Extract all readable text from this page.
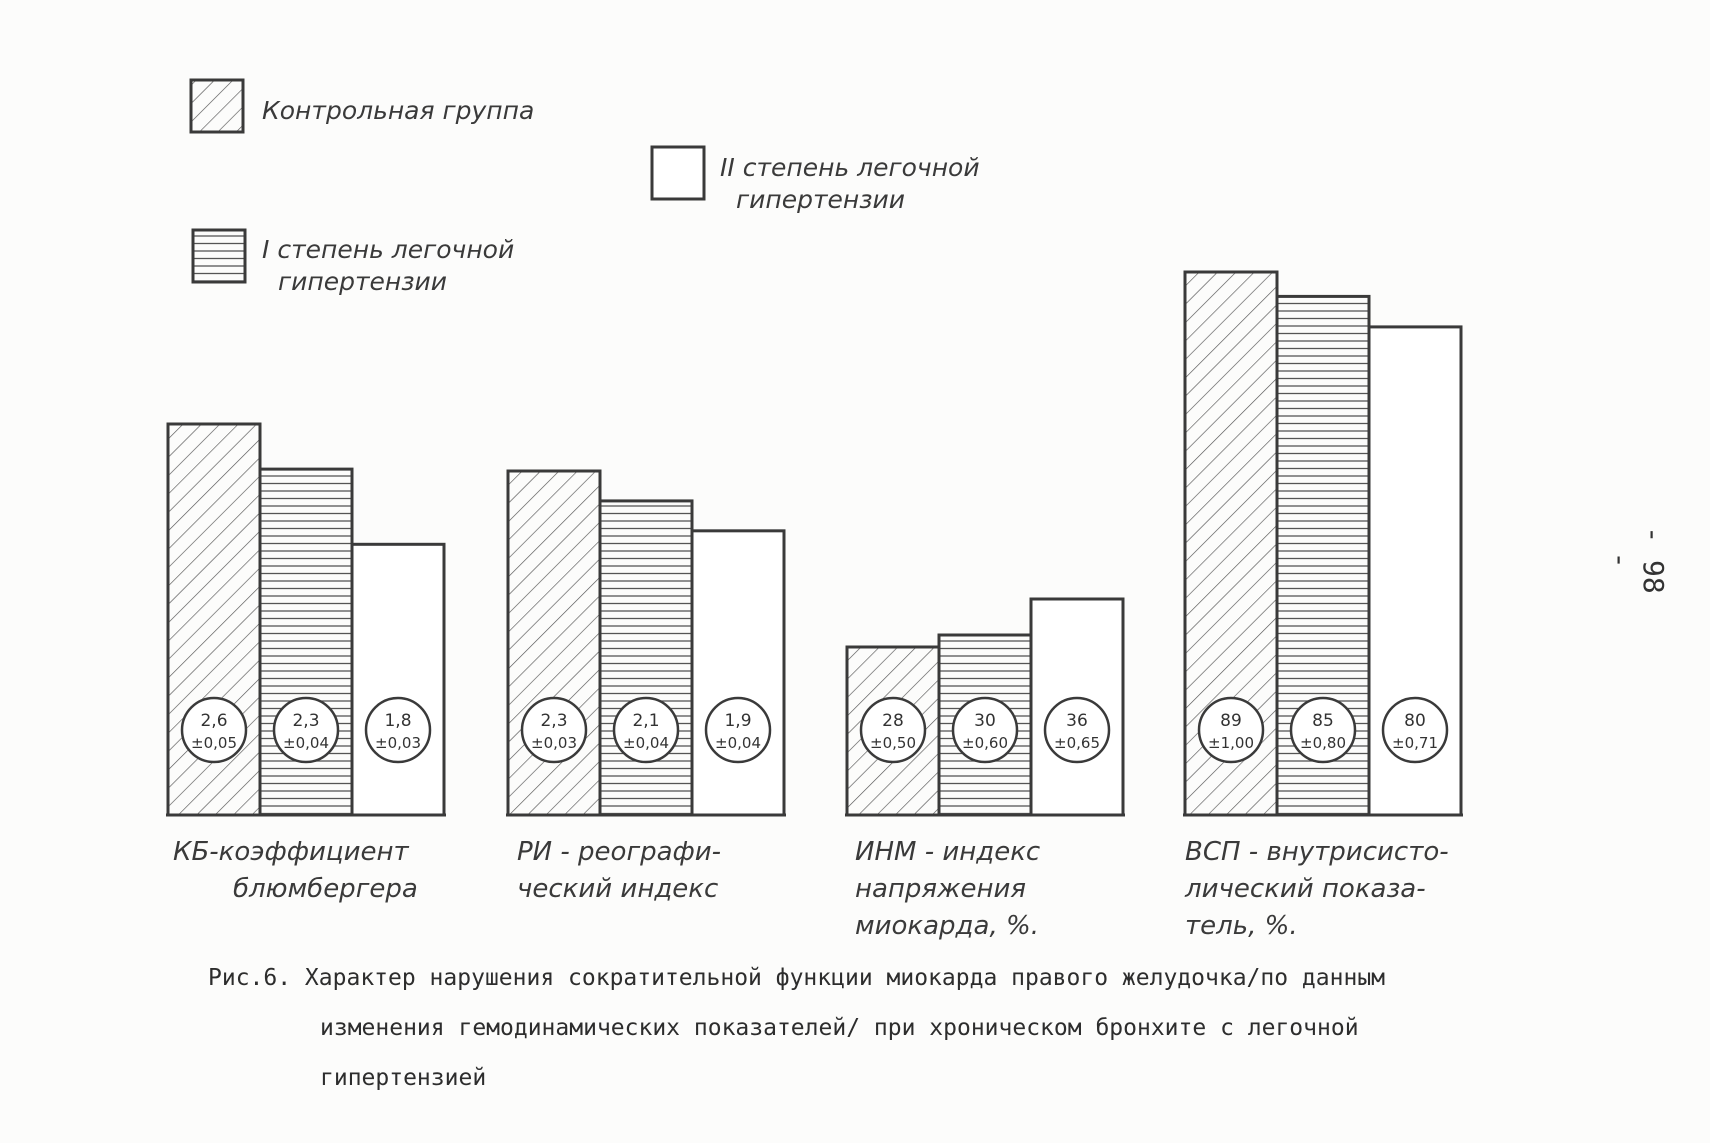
Контрольная группа
I степень легочной
гипертензии
II степень легочной
гипертензии
2,6
±0,05
2,3
±0,04
1,8
±0,03
2,3
±0,03
2,1
±0,04
1,9
±0,04
28
±0,50
30
±0,60
36
±0,65
89
±1,00
85
±0,80
80
±0,71
КБ-коэффициент
блюмбергера
РИ - реографи-
ческий индекс
ИНМ - индекс
напряжения
миокарда, %.
ВСП - внутрисисто-
лический показа-
тель, %.
Рис.6. Характер нарушения сократительной функции миокарда правого желудочка/по данным
изменения гемодинамических показателей/ при хроническом бронхите с легочной
гипертензией
- 98 -
